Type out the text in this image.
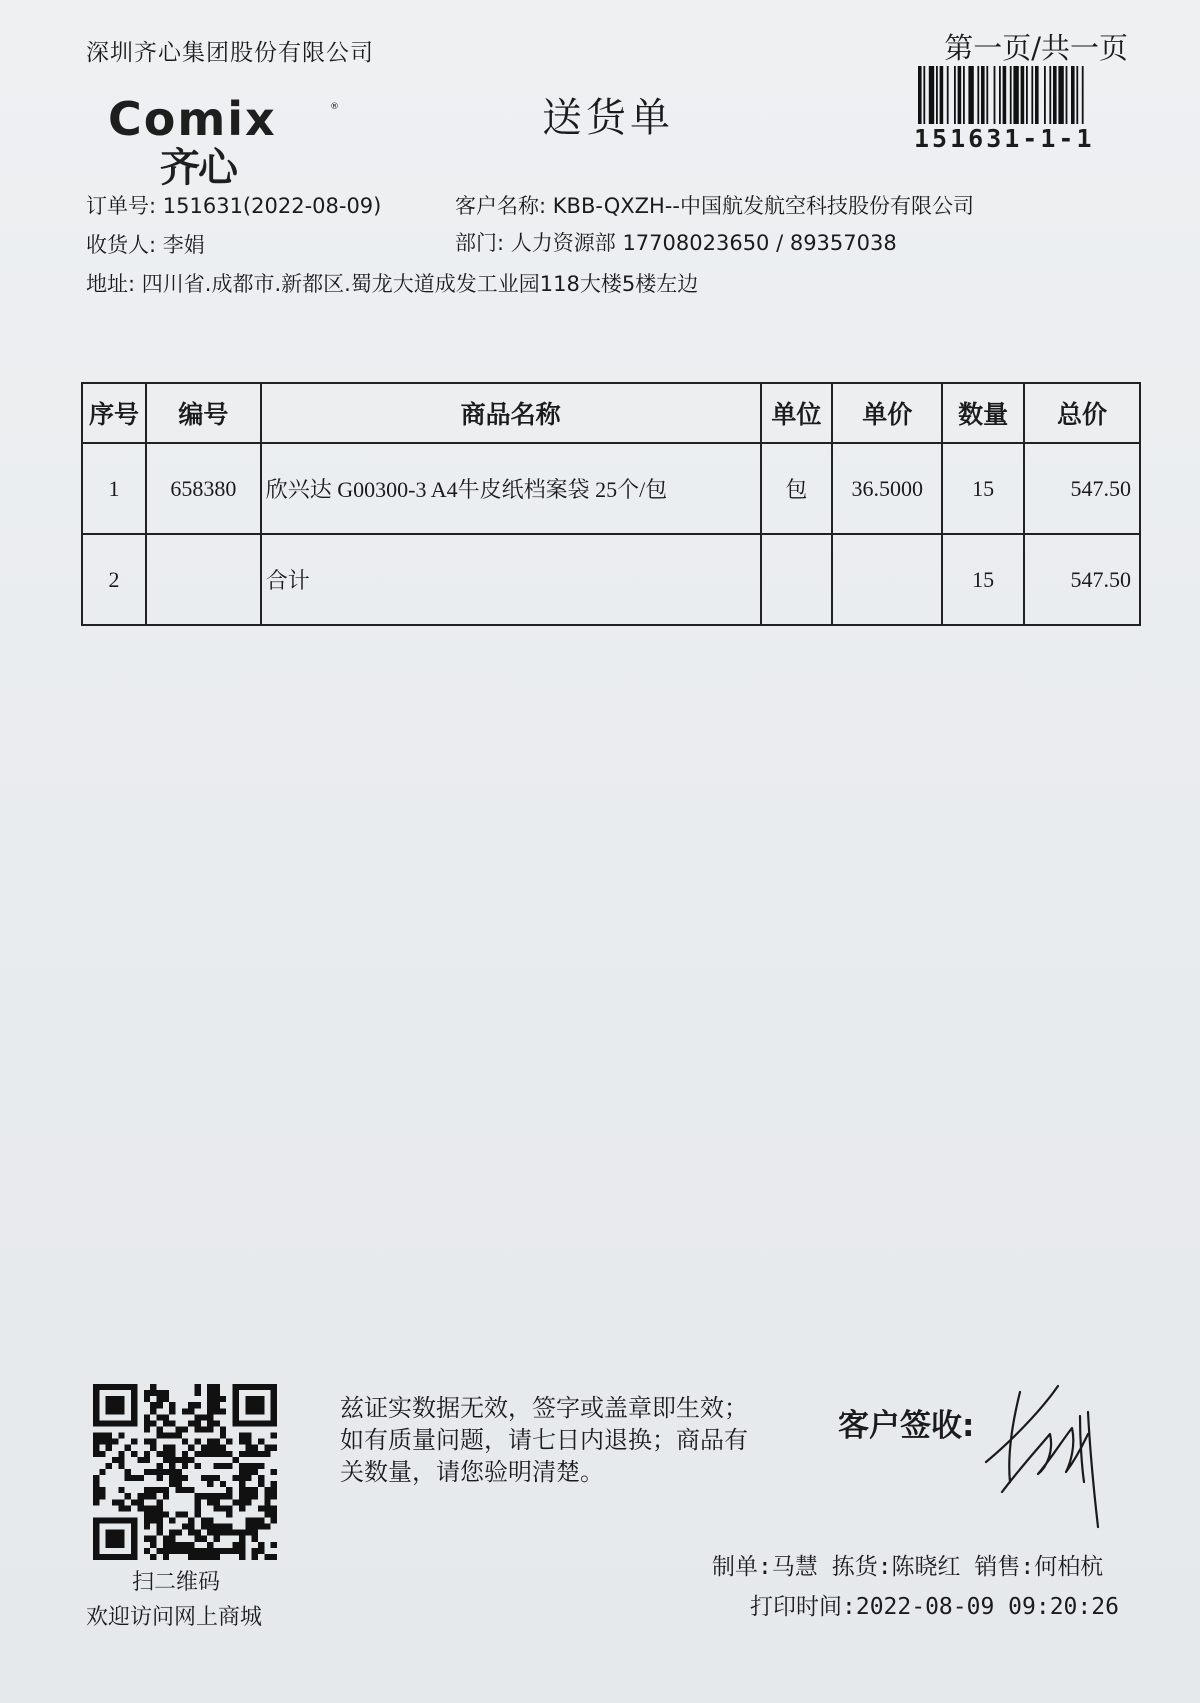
深圳齐心集团股份有限公司	第一页/共一页
151631-1-1
Comix	®
齐心
送货单
订单号: 151631(2022-08-09)	客户名称: KBB-QXZH--中国航发航空科技股份有限公司
收货人: 李娟	部门: 人力资源部 17708023650 / 89357038
地址: 四川省.成都市.新都区.蜀龙大道成发工业园118大楼5楼左边
序号	编号	商品名称	单位	单价	数量	总价
1	658380	欣兴达 G00300-3 A4牛皮纸档案袋 25个/包	包	36.5000	15	547.50
2		合计			15	547.50
扫二维码
欢迎访问网上商城
兹证实数据无效，签字或盖章即生效；如有质量问题，请七日内退换；商品有关数量，请您验明清楚。
客户签收:
制单:马慧 拣货:陈晓红 销售:何柏杭
打印时间:2022-08-09 09:20:26
